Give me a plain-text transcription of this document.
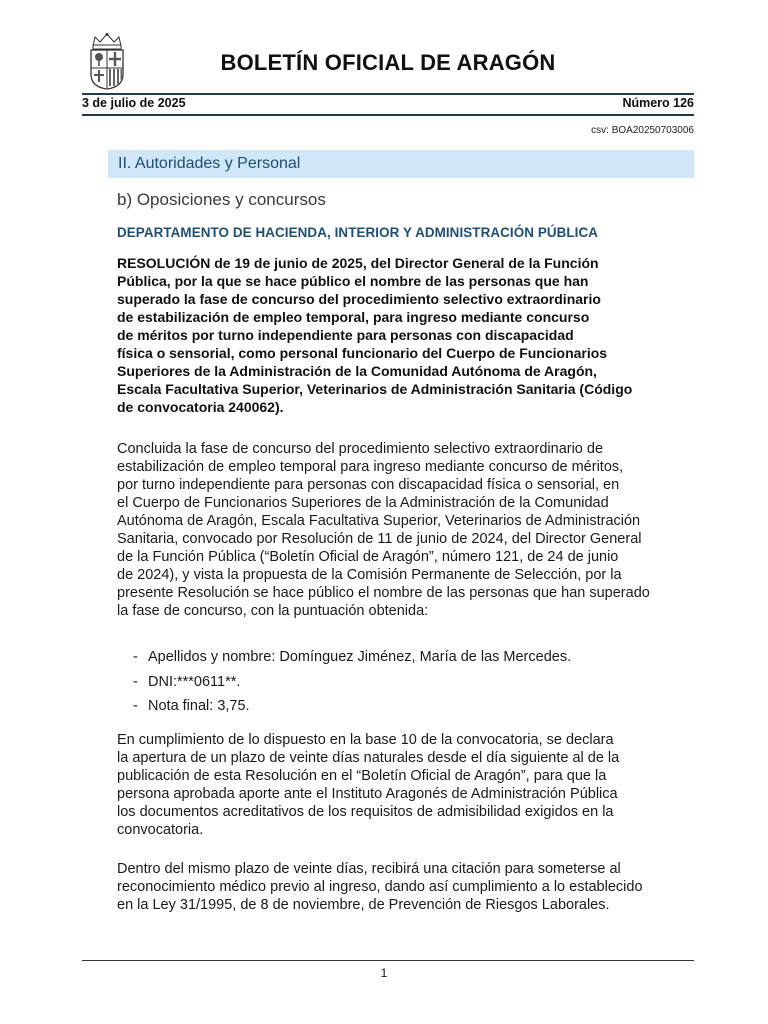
BOLETÍN OFICIAL DE ARAGÓN
3 de julio de 2025	Número 126
csv: BOA20250703006
II. Autoridades y Personal
b) Oposiciones y concursos
DEPARTAMENTO DE HACIENDA, INTERIOR Y ADMINISTRACIÓN PÚBLICA
RESOLUCIÓN de 19 de junio de 2025, del Director General de la Función
Pública, por la que se hace público el nombre de las personas que han
superado la fase de concurso del procedimiento selectivo extraordinario
de estabilización de empleo temporal, para ingreso mediante concurso
de méritos por turno independiente para personas con discapacidad
física o sensorial, como personal funcionario del Cuerpo de Funcionarios
Superiores de la Administración de la Comunidad Autónoma de Aragón,
Escala Facultativa Superior, Veterinarios de Administración Sanitaria (Código
de convocatoria 240062).
Concluida la fase de concurso del procedimiento selectivo extraordinario de
estabilización de empleo temporal para ingreso mediante concurso de méritos,
por turno independiente para personas con discapacidad física o sensorial, en
el Cuerpo de Funcionarios Superiores de la Administración de la Comunidad
Autónoma de Aragón, Escala Facultativa Superior, Veterinarios de Administración
Sanitaria, convocado por Resolución de 11 de junio de 2024, del Director General
de la Función Pública (“Boletín Oficial de Aragón”, número 121, de 24 de junio
de 2024), y vista la propuesta de la Comisión Permanente de Selección, por la
presente Resolución se hace público el nombre de las personas que han superado
la fase de concurso, con la puntuación obtenida:
- Apellidos y nombre: Domínguez Jiménez, María de las Mercedes.
- DNI:***0611**.
- Nota final: 3,75.
En cumplimiento de lo dispuesto en la base 10 de la convocatoria, se declara
la apertura de un plazo de veinte días naturales desde el día siguiente al de la
publicación de esta Resolución en el “Boletín Oficial de Aragón”, para que la
persona aprobada aporte ante el Instituto Aragonés de Administración Pública
los documentos acreditativos de los requisitos de admisibilidad exigidos en la
convocatoria.
Dentro del mismo plazo de veinte días, recibirá una citación para someterse al
reconocimiento médico previo al ingreso, dando así cumplimiento a lo establecido
en la Ley 31/1995, de 8 de noviembre, de Prevención de Riesgos Laborales.
1
